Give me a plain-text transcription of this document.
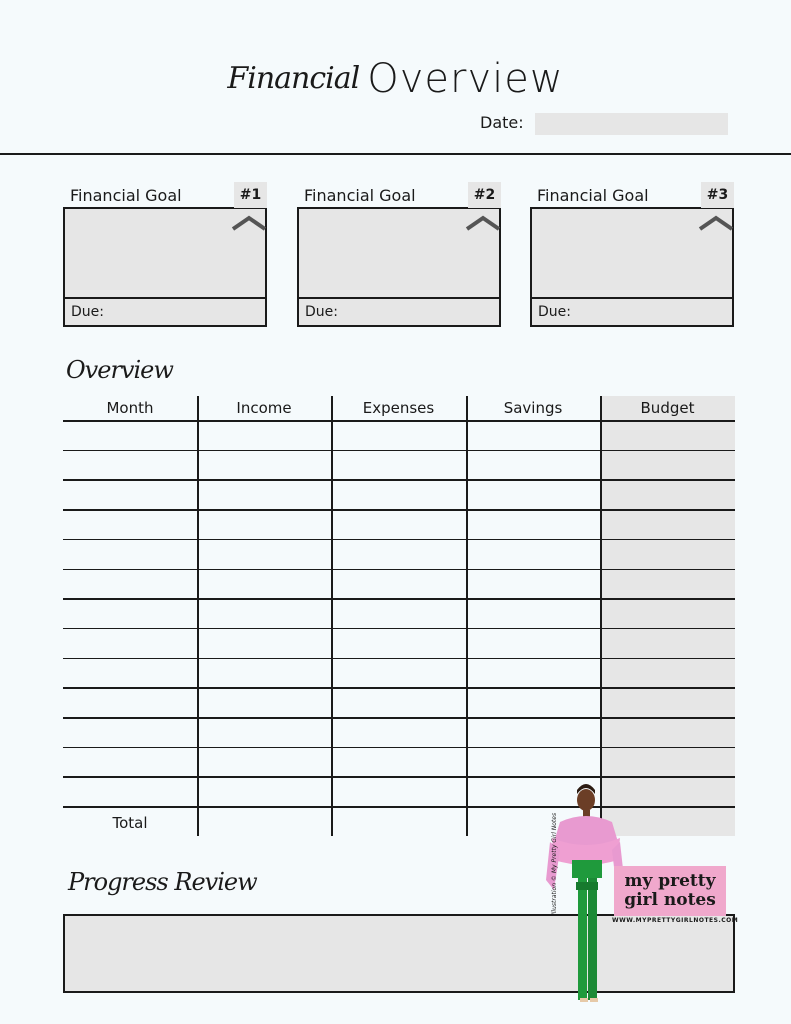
Financial Overview
Date:
Financial Goal
Due:
#1	Financial Goal
Due:
#2	Financial Goal
Due:
#3
Overview
Month	Income	Expenses	Savings	Budget
Total
Progress Review	Illustration © My Pretty Girl Notes	my pretty
girl notes
WWW.MYPRETTYGIRLNOTES.COM
